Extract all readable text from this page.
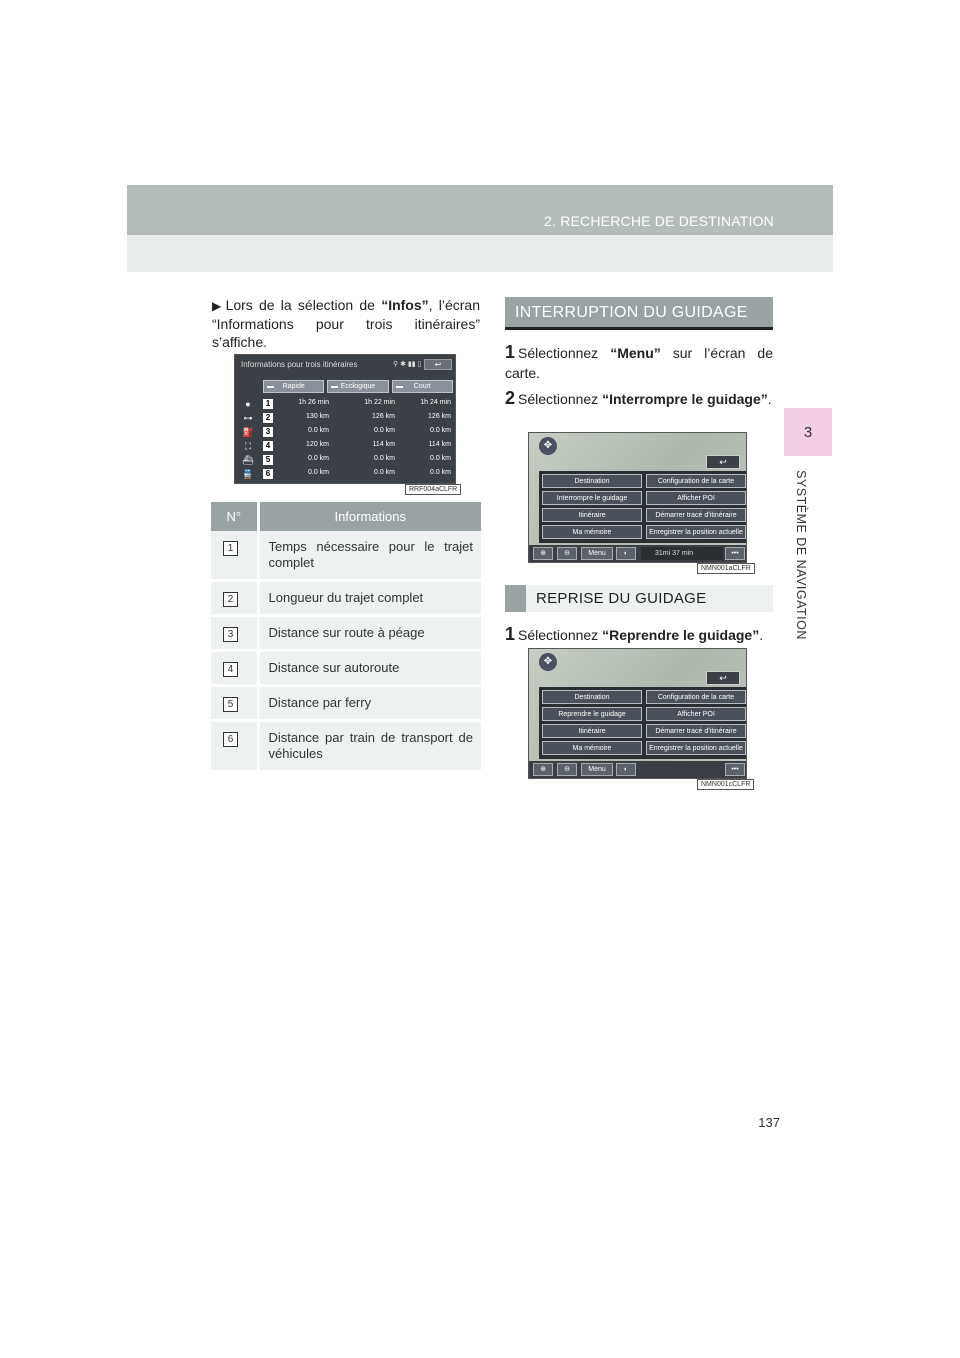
2. RECHERCHE DE DESTINATION
3
SYSTÈME DE NAVIGATION
▶ Lors de la sélection de “Infos”, l’écran “Informations pour trois itinéraires” s’affiche.
Informations pour trois itinéraires	⚲ ✱ ▮▮ ▯	↩
Rapide	Ecologique	Court
●	1	1h 26 min	1h 22 min	1h 24 min
⊶	2	130 km	126 km	126 km
⛽	3	0.0 km	0.0 km	0.0 km
⛶	4	120 km	114 km	114 km
⛴	5	0.0 km	0.0 km	0.0 km
🚆	6	0.0 km	0.0 km	0.0 km
RRF004aCLFR
N°	Informations
1	Temps nécessaire pour le trajet complet
2	Longueur du trajet complet
3	Distance sur route à péage
4	Distance sur autoroute
5	Distance par ferry
6	Distance par train de transport de véhicules
INTERRUPTION DU GUIDAGE
1 Sélectionnez “Menu” sur l’écran de carte.
2 Sélectionnez “Interrompre le guidage”.
✥
↩
Destination	Configuration de la carte
Interrompre le guidage	Afficher POI
Itinéraire	Démarrer tracé d’itinéraire
Ma mémoire	Enregistrer la position actuelle
⊕	⊖	Menu	◐	31mi 37 min	•••
NMN001aCLFR
REPRISE DU GUIDAGE
1 Sélectionnez “Reprendre le guidage”.
✥
↩
Destination	Configuration de la carte
Reprendre le guidage	Afficher POI
Itinéraire	Démarrer tracé d’itinéraire
Ma mémoire	Enregistrer la position actuelle
⊕	⊖	Menu	◐	•••
NMN001cCLFR
137
